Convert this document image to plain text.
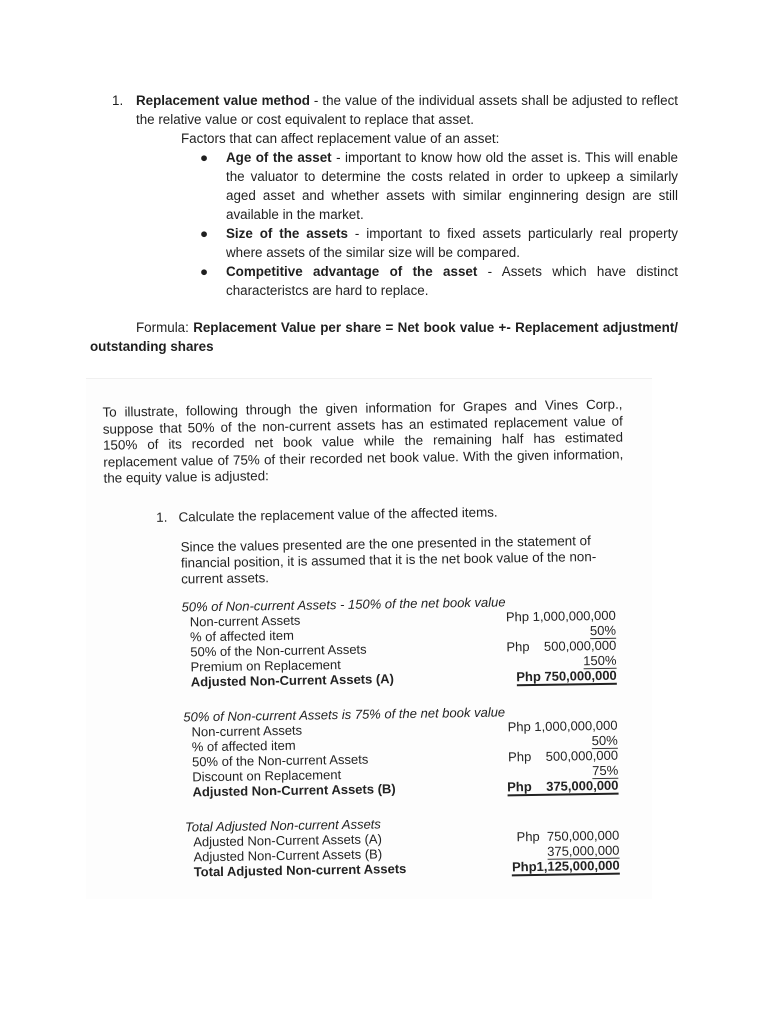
1. Replacement value method - the value of the individual assets shall be adjusted to reflect the relative value or cost equivalent to replace that asset.
Factors that can affect replacement value of an asset:
● Age of the asset - important to know how old the asset is. This will enable the valuator to determine the costs related in order to upkeep a similarly aged asset and whether assets with similar enginnering design are still available in the market.
● Size of the assets - important to fixed assets particularly real property where assets of the similar size will be compared.
● Competitive advantage of the asset - Assets which have distinct characteristcs are hard to replace.
Formula: Replacement Value per share = Net book value +- Replacement adjustment/ outstanding shares
To illustrate, following through the given information for Grapes and Vines Corp., suppose that 50% of the non-current assets has an estimated replacement value of 150% of its recorded net book value while the remaining half has estimated replacement value of 75% of their recorded net book value. With the given information, the equity value is adjusted:
1. Calculate the replacement value of the affected items.
Since the values presented are the one presented in the statement of financial position, it is assumed that it is the net book value of the non-current assets.
50% of Non-current Assets - 150% of the net book value
Non-current Assets	Php 1,000,000,000
% of affected item	50%
50% of the Non-current Assets	Php    500,000,000
Premium on Replacement	150%
Adjusted Non-Current Assets (A)	Php 750,000,000
50% of Non-current Assets is 75% of the net book value
Non-current Assets	Php 1,000,000,000
% of affected item	50%
50% of the Non-current Assets	Php    500,000,000
Discount on Replacement	75%
Adjusted Non-Current Assets (B)	Php    375,000,000
Total Adjusted Non-current Assets
Adjusted Non-Current Assets (A)	Php  750,000,000
Adjusted Non-Current Assets (B)	375,000,000
Total Adjusted Non-current Assets	Php1,125,000,000
